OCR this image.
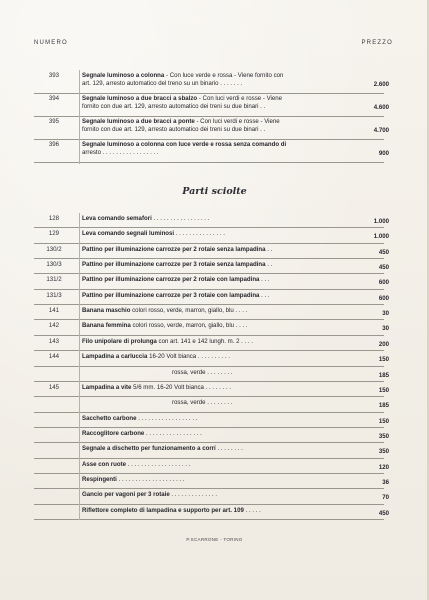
NUMERO	PREZZO
393	Segnale luminoso a colonna - Con luce verde e rossa - Viene fornito con
art. 129, arresto automatico del treno su un binario . . . . . . .	2.600
394	Segnale luminoso a due bracci a sbalzo - Con luci verdi e rosse - Viene
fornito con due art. 129, arresto automatico dei treni su due binari . .	4.600
395	Segnale luminoso a due bracci a ponte - Con luci verdi e rosse - Viene
fornito con due art. 129, arresto automatico dei treni su due binari . .	4.700
396	Segnale luminoso a colonna con luce verde e rossa senza comando di
arresto . . . . . . . . . . . . . . . . .	900
Parti sciolte
128	Leva comando semafori . . . . . . . . . . . . . . . . .	1.000
129	Leva comando segnali luminosi . . . . . . . . . . . . . . .	1.000
130/2	Pattino per illuminazione carrozze per 2 rotaie senza lampadina . .	450
130/3	Pattino per illuminazione carrozze per 3 rotaie senza lampadina . .	450
131/2	Pattino per illuminazione carrozze per 2 rotaie con lampadina . . .	600
131/3	Pattino per illuminazione carrozze per 3 rotaie con lampadina . . .	600
141	Banana maschio colori rosso, verde, marron, giallo, blu . . . .	30
142	Banana femmina colori rosso, verde, marron, giallo, blu . . . .	30
143	Filo unipolare di prolunga con art. 141 e 142 lungh. m. 2 . . . .	200
144	Lampadina a carluccia 16-20 Volt bianca . . . . . . . . . .	150
rossa, verde . . . . . . . .	185
145	Lampadina a vite 5/6 mm. 16-20 Volt bianca . . . . . . . .	150
rossa, verde . . . . . . . .	185
Sacchetto carbone . . . . . . . . . . . . . . . . . .	150
Raccoglitore carbone . . . . . . . . . . . . . . . . .	350
Segnale a dischetto per funzionamento a corrí . . . . . . . .	350
Asse con ruote . . . . . . . . . . . . . . . . . . .	120
Respingenti . . . . . . . . . . . . . . . . . . . .	36
Gancio per vagoni per 3 rotaie . . . . . . . . . . . . . .	70
Riflettore completo di lampadina e supporto per art. 109 . . . . .	450
P.SCARRONE - TORINO
